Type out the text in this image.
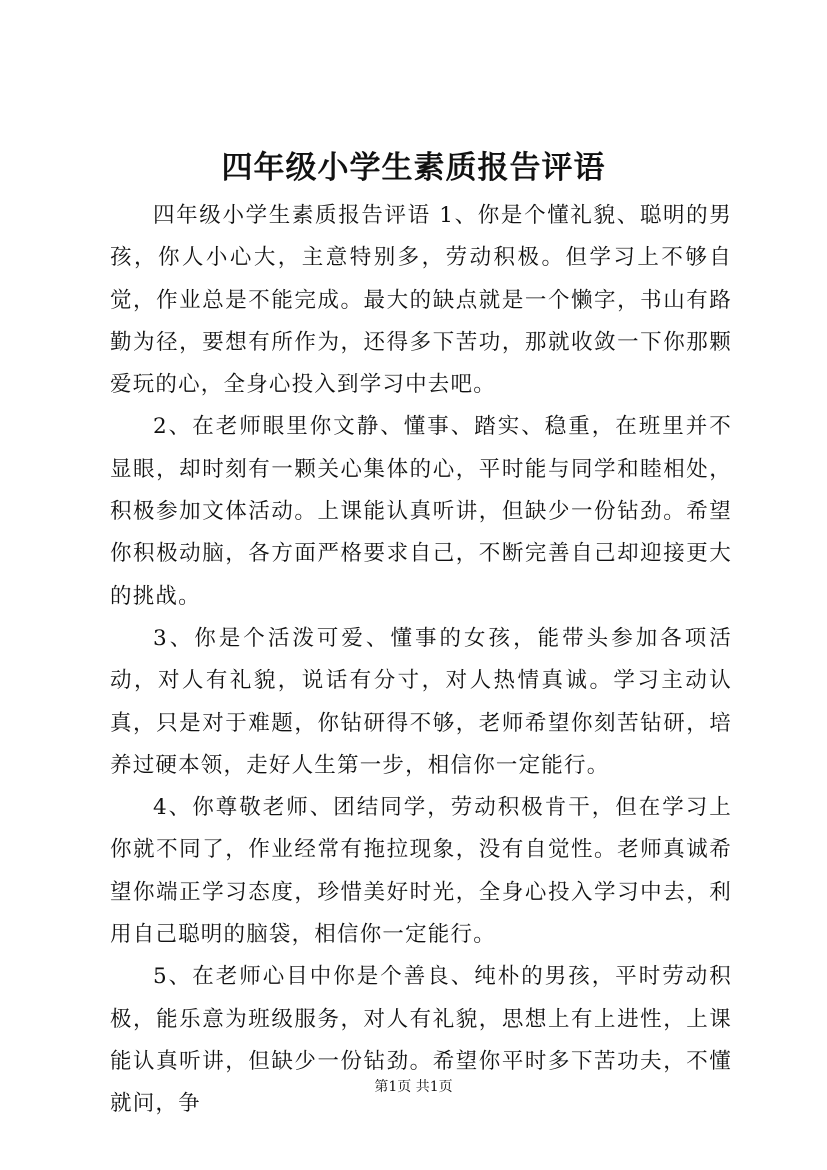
四年级小学生素质报告评语

四年级小学生素质报告评语 1、你是个懂礼貌、聪明的男孩，你人小心大，主意特别多，劳动积极。但学习上不够自觉，作业总是不能完成。最大的缺点就是一个懒字，书山有路勤为径，要想有所作为，还得多下苦功，那就收敛一下你那颗爱玩的心，全身心投入到学习中去吧。

2、在老师眼里你文静、懂事、踏实、稳重，在班里并不显眼，却时刻有一颗关心集体的心，平时能与同学和睦相处，积极参加文体活动。上课能认真听讲，但缺少一份钻劲。希望你积极动脑，各方面严格要求自己，不断完善自己却迎接更大的挑战。

3、你是个活泼可爱、懂事的女孩，能带头参加各项活动，对人有礼貌，说话有分寸，对人热情真诚。学习主动认真，只是对于难题，你钻研得不够，老师希望你刻苦钻研，培养过硬本领，走好人生第一步，相信你一定能行。

4、你尊敬老师、团结同学，劳动积极肯干，但在学习上你就不同了，作业经常有拖拉现象，没有自觉性。老师真诚希望你端正学习态度，珍惜美好时光，全身心投入学习中去，利用自己聪明的脑袋，相信你一定能行。

5、在老师心目中你是个善良、纯朴的男孩，平时劳动积极，能乐意为班级服务，对人有礼貌，思想上有上进性，上课能认真听讲，但缺少一份钻劲。希望你平时多下苦功夫，不懂就问，争

第1页 共1页
